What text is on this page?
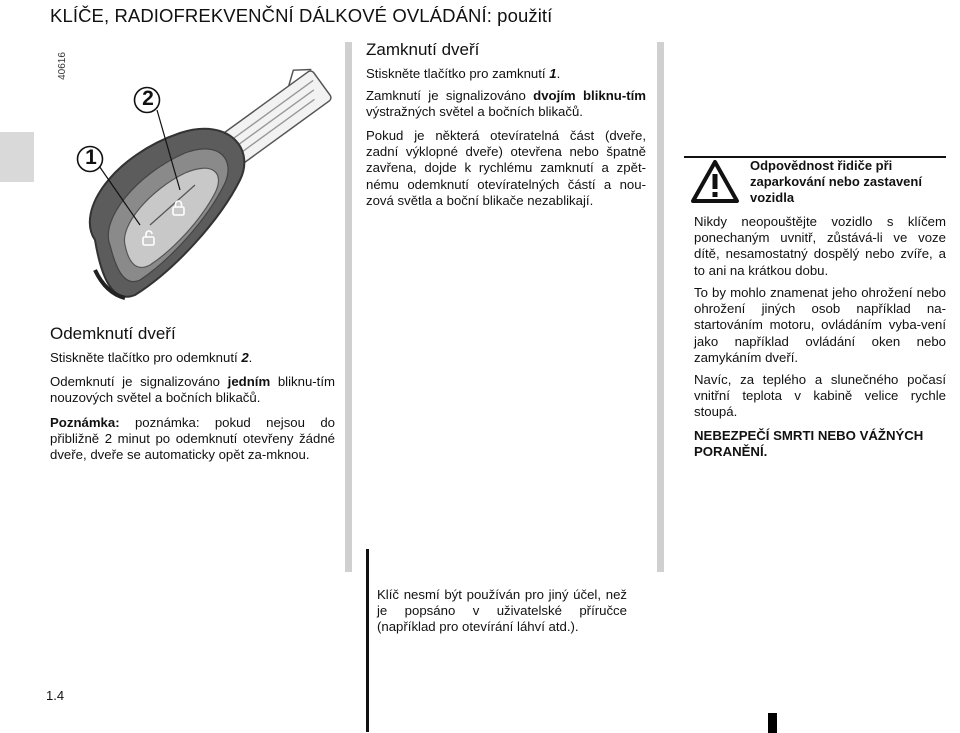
KLÍČE, RADIOFREKVENČNÍ DÁLKOVÉ OVLÁDÁNÍ: použití
40616
1
2
Odemknutí dveří
Stiskněte tlačítko pro odemknutí 2.
Odemknutí je signalizováno jedním bliknu-tím nouzových světel a bočních blikačů.
Poznámka: poznámka: pokud nejsou do přibližně 2 minut po odemknutí otevřeny žádné dveře, dveře se automaticky opět za-mknou.
Zamknutí dveří
Stiskněte tlačítko pro zamknutí 1.
Zamknutí je signalizováno dvojím bliknu-tím výstražných světel a bočních blikačů.
Pokud je některá otevíratelná část (dveře, zadní výklopné dveře) otevřena nebo špatně zavřena, dojde k rychlému zamknutí a zpět-nému odemknutí otevíratelných částí a nou-zová světla a boční blikače nezablikají.
Klíč nesmí být používán pro jiný účel, než je popsáno v uživatelské příručce (například pro otevírání láhví atd.).
Odpovědnost řidiče při zaparkování nebo zastavení vozidla
Nikdy neopouštějte vozidlo s klíčem ponechaným uvnitř, zůstává-li ve voze dítě, nesamostatný dospělý nebo zvíře, a to ani na krátkou dobu.
To by mohlo znamenat jeho ohrožení nebo ohrožení jiných osob například na-startováním motoru, ovládáním vyba-vení jako například ovládání oken nebo zamykáním dveří.
Navíc, za teplého a slunečného počasí vnitřní teplota v kabině velice rychle stoupá.
NEBEZPEČÍ SMRTI NEBO VÁŽNÝCH PORANĚNÍ.
1.4
